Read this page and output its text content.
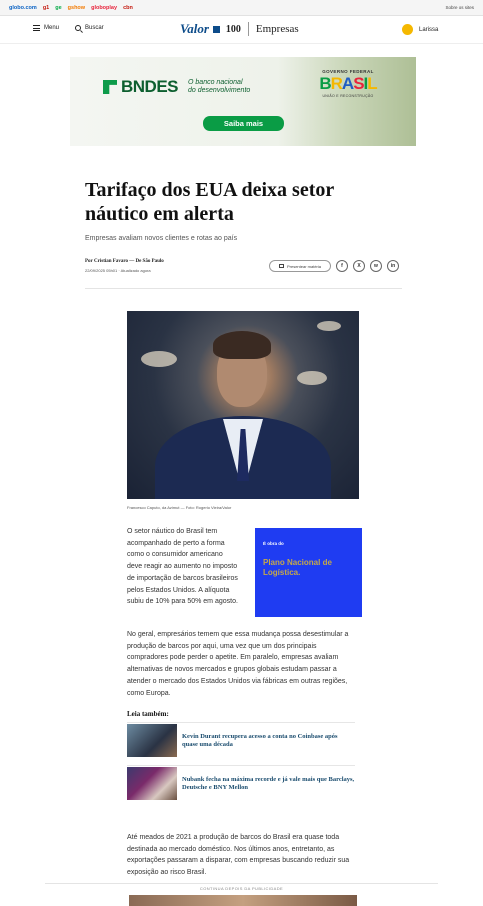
globo.com g1 ge gshow globoplay cbn	Sobre os sites
Menu	Buscar	Valor 100 Empresas	Larissa
BNDES O banco nacional
do desenvolvimento
GOVERNO FEDERAL
BRASIL
UNIÃO E RECONSTRUÇÃO
Saiba mais
Tarifaço dos EUA deixa setor náutico em alerta
Empresas avaliam novos clientes e rotas ao país
Por Cristian Favaro — De São Paulo
22/09/2025 05h01 · Atualizado agora
Presentear matéria	f	X	w	in
Francesco Caputo, da Azimut — Foto: Rogerio Vieira/Valor

O setor náutico do Brasil tem acompanhado de perto a forma como o consumidor americano deve reagir ao aumento no imposto de importação de barcos brasileiros pelos Estados Unidos. A alíquota subiu de 10% para 50% em agosto.

É obra do
Plano Nacional de Logística.

No geral, empresários temem que essa mudança possa desestimular a produção de barcos por aqui, uma vez que um dos principais compradores pode perder o apetite. Em paralelo, empresas avaliam alternativas de novos mercados e grupos globais estudam passar a atender o mercado dos Estados Unidos via fábricas em outras regiões, como Europa.

Leia também:
Kevin Durant recupera acesso a conta no Coinbase após quase uma década
Nubank fecha na máxima recorde e já vale mais que Barclays, Deutsche e BNY Mellon

Até meados de 2021 a produção de barcos do Brasil era quase toda destinada ao mercado doméstico. Nos últimos anos, entretanto, as exportações passaram a disparar, com empresas buscando reduzir sua exposição ao risco Brasil.

CONTINUA DEPOIS DA PUBLICIDADE
